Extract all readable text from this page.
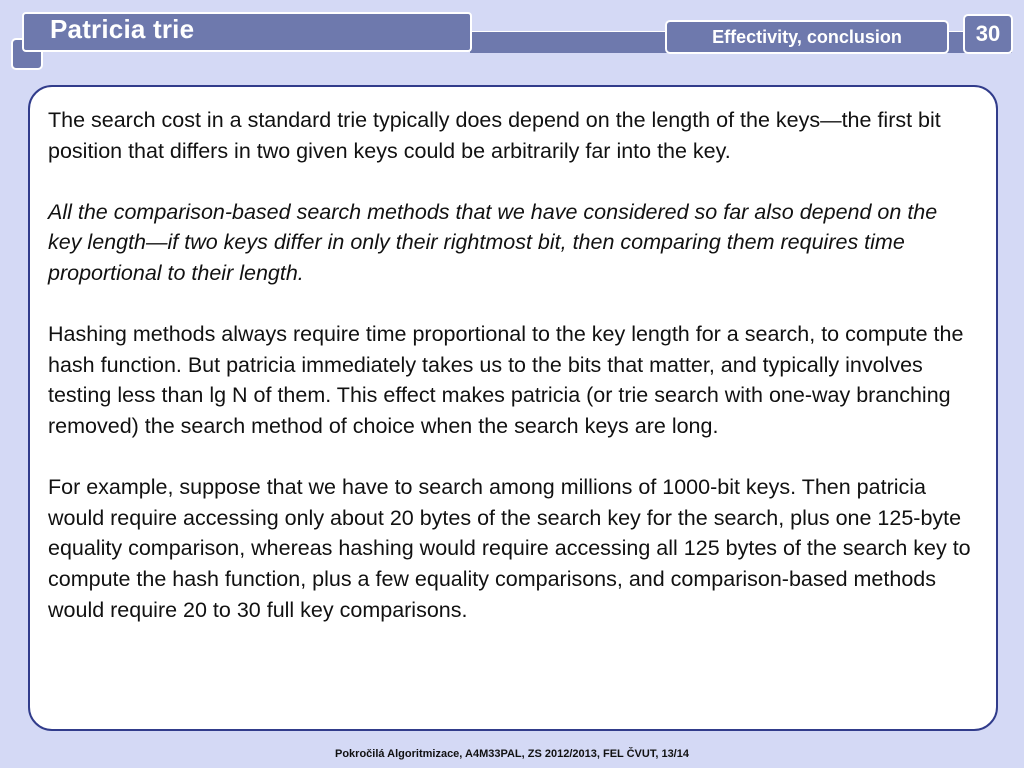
Patricia trie	Effectivity, conclusion	30

The search cost in a standard trie typically does depend on the length of the keys—the first bit position that differs in two given keys could be arbitrarily far into the key.

All the comparison-based search methods that we have considered so far also depend on the key length—if two keys differ in only their rightmost bit, then comparing them requires time proportional to their length.

Hashing methods always require time proportional to the key length for a search, to compute the hash function. But patricia immediately takes us to the bits that matter, and typically involves testing less than lg N of them. This effect makes patricia (or trie search with one-way branching removed) the search method of choice when the search keys are long.

For example, suppose that we have to search among millions of 1000-bit keys. Then patricia would require accessing only about 20 bytes of the search key for the search, plus one 125-byte equality comparison, whereas hashing would require accessing all 125 bytes of the search key to compute the hash function, plus a few equality comparisons, and comparison-based methods would require 20 to 30 full key comparisons.

Pokročilá Algoritmizace, A4M33PAL, ZS 2012/2013, FEL ČVUT, 13/14
